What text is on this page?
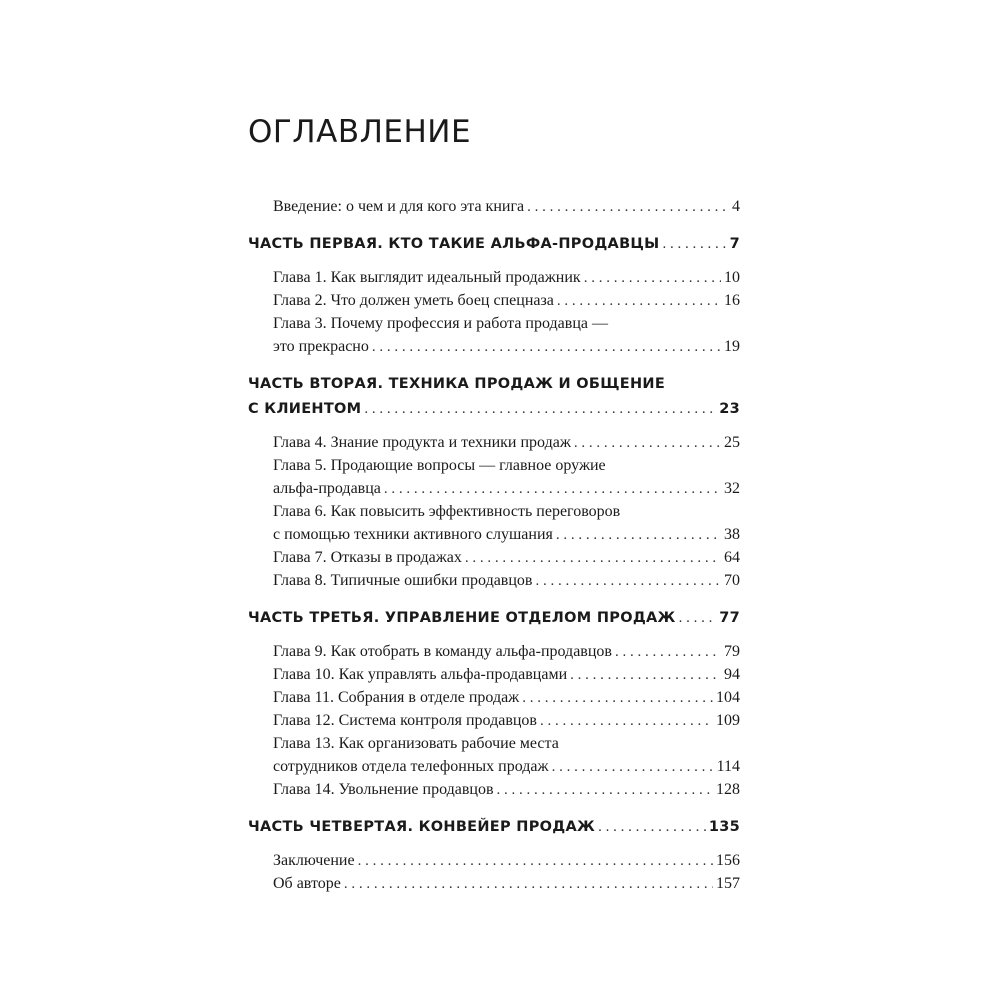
ОГЛАВЛЕНИЕ
Введение: о чем и для кого эта книга . . .	4
ЧАСТЬ ПЕРВАЯ. КТО ТАКИЕ АЛЬФА-ПРОДАВЦЫ . . .	7
Глава 1. Как выглядит идеальный продажник . . .	10
Глава 2. Что должен уметь боец спецназа . . .	16
Глава 3. Почему профессия и работа продавца —
это прекрасно . . .	19
ЧАСТЬ ВТОРАЯ. ТЕХНИКА ПРОДАЖ И ОБЩЕНИЕ
С КЛИЕНТОМ . . .	23
Глава 4. Знание продукта и техники продаж . . .	25
Глава 5. Продающие вопросы — главное оружие
альфа-продавца . . .	32
Глава 6. Как повысить эффективность переговоров
с помощью техники активного слушания . . .	38
Глава 7. Отказы в продажах . . .	64
Глава 8. Типичные ошибки продавцов . . .	70
ЧАСТЬ ТРЕТЬЯ. УПРАВЛЕНИЕ ОТДЕЛОМ ПРОДАЖ . . .	77
Глава 9. Как отобрать в команду альфа-продавцов . . .	79
Глава 10. Как управлять альфа-продавцами . . .	94
Глава 11. Собрания в отделе продаж . . .	104
Глава 12. Система контроля продавцов . . .	109
Глава 13. Как организовать рабочие места
сотрудников отдела телефонных продаж . . .	114
Глава 14. Увольнение продавцов . . .	128
ЧАСТЬ ЧЕТВЕРТАЯ. КОНВЕЙЕР ПРОДАЖ . . .	135
Заключение . . .	156
Об авторе . . .	157
